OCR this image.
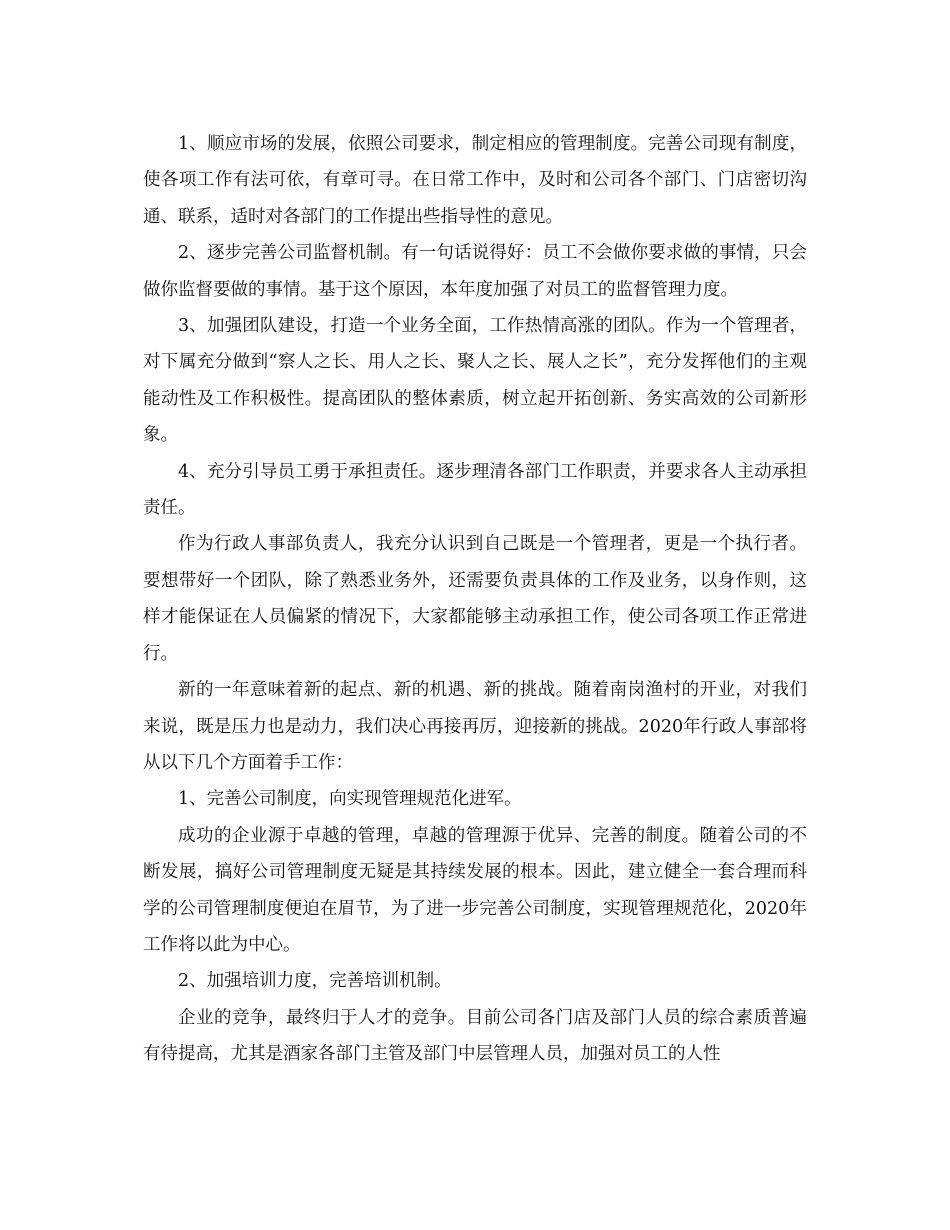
1、顺应市场的发展，依照公司要求，制定相应的管理制度。完善公司现有制度，使各项工作有法可依，有章可寻。在日常工作中，及时和公司各个部门、门店密切沟通、联系，适时对各部门的工作提出些指导性的意见。

2、逐步完善公司监督机制。有一句话说得好：员工不会做你要求做的事情，只会做你监督要做的事情。基于这个原因，本年度加强了对员工的监督管理力度。

3、加强团队建设，打造一个业务全面，工作热情高涨的团队。作为一个管理者，对下属充分做到“察人之长、用人之长、聚人之长、展人之长”，充分发挥他们的主观能动性及工作积极性。提高团队的整体素质，树立起开拓创新、务实高效的公司新形象。

4、充分引导员工勇于承担责任。逐步理清各部门工作职责，并要求各人主动承担责任。

作为行政人事部负责人，我充分认识到自己既是一个管理者，更是一个执行者。要想带好一个团队，除了熟悉业务外，还需要负责具体的工作及业务，以身作则，这样才能保证在人员偏紧的情况下，大家都能够主动承担工作，使公司各项工作正常进行。

新的一年意味着新的起点、新的机遇、新的挑战。随着南岗渔村的开业，对我们来说，既是压力也是动力，我们决心再接再厉，迎接新的挑战。2020年行政人事部将从以下几个方面着手工作：

1、完善公司制度，向实现管理规范化进军。

成功的企业源于卓越的管理，卓越的管理源于优异、完善的制度。随着公司的不断发展，搞好公司管理制度无疑是其持续发展的根本。因此，建立健全一套合理而科学的公司管理制度便迫在眉节，为了进一步完善公司制度，实现管理规范化，2020年工作将以此为中心。

2、加强培训力度，完善培训机制。

企业的竞争，最终归于人才的竞争。目前公司各门店及部门人员的综合素质普遍有待提高，尤其是酒家各部门主管及部门中层管理人员，加强对员工的人性
